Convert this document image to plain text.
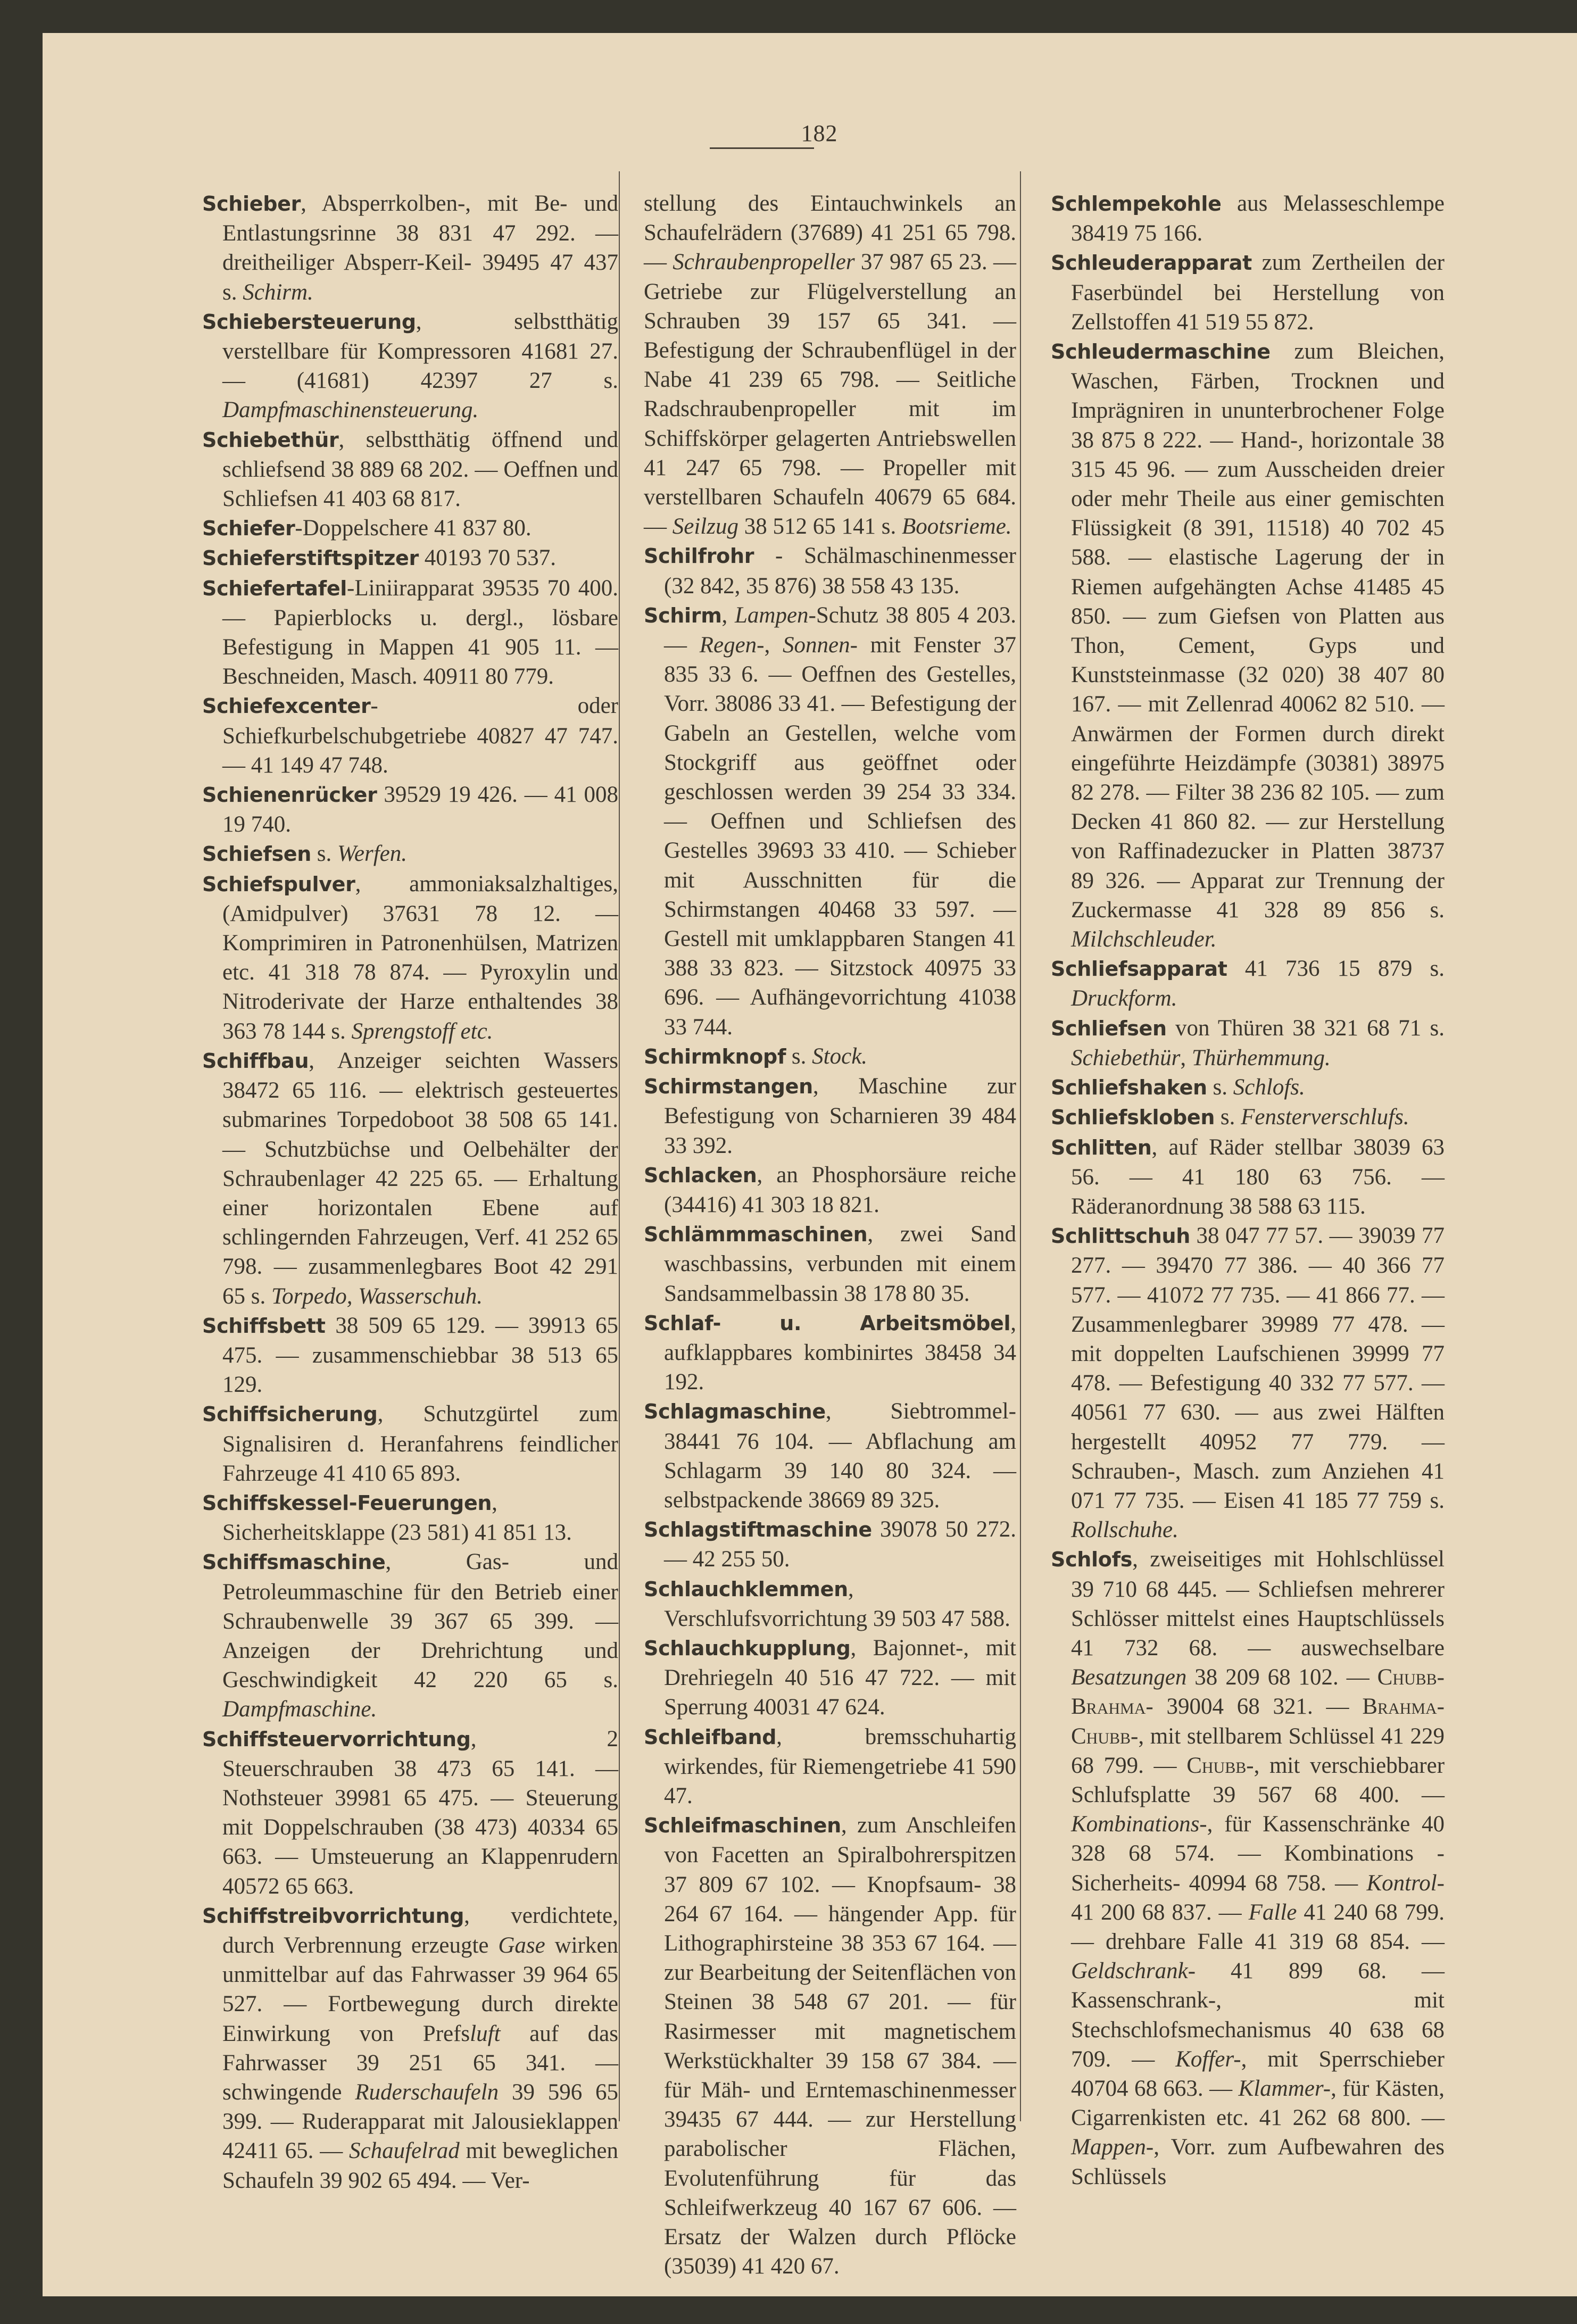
182

Schieber, Absperrkolben-, mit Be- und Entlastungsrinne 38 831 47 292. — dreitheiliger Absperr-Keil- 39495 47 437 s. Schirm.

Schiebersteuerung, selbstthätig verstellbare für Kompressoren 41681 27. — (41681) 42397 27 s. Dampfmaschinensteuerung.

Schiebethür, selbstthätig öffnend und schliefsend 38 889 68 202. — Oeffnen und Schliefsen 41 403 68 817.

Schiefer-Doppelschere 41 837 80.

Schieferstiftspitzer 40193 70 537.

Schiefertafel-Liniirapparat 39535 70 400. — Papierblocks u. dergl., lösbare Befestigung in Mappen 41 905 11. — Beschneiden, Masch. 40911 80 779.

Schiefexcenter- oder Schiefkurbelschubgetriebe 40827 47 747. — 41 149 47 748.

Schienenrücker 39529 19 426. — 41 008 19 740.

Schiefsen s. Werfen.

Schiefspulver, ammoniaksalzhaltiges, (Amidpulver) 37631 78 12. — Komprimiren in Patronenhülsen, Matrizen etc. 41 318 78 874. — Pyroxylin und Nitroderivate der Harze enthaltendes 38 363 78 144 s. Sprengstoff etc.

Schiffbau, Anzeiger seichten Wassers 38472 65 116. — elektrisch gesteuertes submarines Torpedoboot 38 508 65 141. — Schutzbüchse und Oelbehälter der Schraubenlager 42 225 65. — Erhaltung einer horizontalen Ebene auf schlingernden Fahrzeugen, Verf. 41 252 65 798. — zusammenlegbares Boot 42 291 65 s. Torpedo, Wasserschuh.

Schiffsbett 38 509 65 129. — 39913 65 475. — zusammenschiebbar 38 513 65 129.

Schiffsicherung, Schutzgürtel zum Signalisiren d. Heranfahrens feindlicher Fahrzeuge 41 410 65 893.

Schiffskessel-Feuerungen, Sicherheitsklappe (23 581) 41 851 13.

Schiffsmaschine, Gas- und Petroleummaschine für den Betrieb einer Schraubenwelle 39 367 65 399. — Anzeigen der Drehrichtung und Geschwindigkeit 42 220 65 s. Dampfmaschine.

Schiffsteuervorrichtung, 2 Steuerschrauben 38 473 65 141. — Nothsteuer 39981 65 475. — Steuerung mit Doppelschrauben (38 473) 40334 65 663. — Umsteuerung an Klappenrudern 40572 65 663.

Schiffstreibvorrichtung, verdichtete, durch Verbrennung erzeugte Gase wirken unmittelbar auf das Fahrwasser 39 964 65 527. — Fortbewegung durch direkte Einwirkung von Prefsluft auf das Fahrwasser 39 251 65 341. — schwingende Ruderschaufeln 39 596 65 399. — Ruderapparat mit Jalousieklappen 42411 65. — Schaufelrad mit beweglichen Schaufeln 39 902 65 494. — Ver-

stellung des Eintauchwinkels an Schaufelrädern (37689) 41 251 65 798. — Schraubenpropeller 37 987 65 23. — Getriebe zur Flügelverstellung an Schrauben 39 157 65 341. — Befestigung der Schraubenflügel in der Nabe 41 239 65 798. — Seitliche Radschraubenpropeller mit im Schiffskörper gelagerten Antriebswellen 41 247 65 798. — Propeller mit verstellbaren Schaufeln 40679 65 684. — Seilzug 38 512 65 141 s. Bootsrieme.

Schilfrohr - Schälmaschinenmesser (32 842, 35 876) 38 558 43 135.

Schirm, Lampen-Schutz 38 805 4 203. — Regen-, Sonnen- mit Fenster 37 835 33 6. — Oeffnen des Gestelles, Vorr. 38086 33 41. — Befestigung der Gabeln an Gestellen, welche vom Stockgriff aus geöffnet oder geschlossen werden 39 254 33 334. — Oeffnen und Schliefsen des Gestelles 39693 33 410. — Schieber mit Ausschnitten für die Schirmstangen 40468 33 597. — Gestell mit umklappbaren Stangen 41 388 33 823. — Sitzstock 40975 33 696. — Aufhängevorrichtung 41038 33 744.

Schirmknopf s. Stock.

Schirmstangen, Maschine zur Befestigung von Scharnieren 39 484 33 392.

Schlacken, an Phosphorsäure reiche (34416) 41 303 18 821.

Schlämmmaschinen, zwei Sand waschbassins, verbunden mit einem Sandsammelbassin 38 178 80 35.

Schlaf- u. Arbeitsmöbel, aufklappbares kombinirtes 38458 34 192.

Schlagmaschine, Siebtrommel- 38441 76 104. — Abflachung am Schlagarm 39 140 80 324. — selbstpackende 38669 89 325.

Schlagstiftmaschine 39078 50 272. — 42 255 50.

Schlauchklemmen, Verschlufsvorrichtung 39 503 47 588.

Schlauchkupplung, Bajonnet-, mit Drehriegeln 40 516 47 722. — mit Sperrung 40031 47 624.

Schleifband, bremsschuhartig wirkendes, für Riemengetriebe 41 590 47.

Schleifmaschinen, zum Anschleifen von Facetten an Spiralbohrerspitzen 37 809 67 102. — Knopfsaum- 38 264 67 164. — hängender App. für Lithographirsteine 38 353 67 164. — zur Bearbeitung der Seitenflächen von Steinen 38 548 67 201. — für Rasirmesser mit magnetischem Werkstückhalter 39 158 67 384. — für Mäh- und Erntemaschinenmesser 39435 67 444. — zur Herstellung parabolischer Flächen, Evolutenführung für das Schleifwerkzeug 40 167 67 606. — Ersatz der Walzen durch Pflöcke (35039) 41 420 67.

Schlempekohle aus Melasseschlempe 38419 75 166.

Schleuderapparat zum Zertheilen der Faserbündel bei Herstellung von Zellstoffen 41 519 55 872.

Schleudermaschine zum Bleichen, Waschen, Färben, Trocknen und Imprägniren in ununterbrochener Folge 38 875 8 222. — Hand-, horizontale 38 315 45 96. — zum Ausscheiden dreier oder mehr Theile aus einer gemischten Flüssigkeit (8 391, 11518) 40 702 45 588. — elastische Lagerung der in Riemen aufgehängten Achse 41485 45 850. — zum Giefsen von Platten aus Thon, Cement, Gyps und Kunststeinmasse (32 020) 38 407 80 167. — mit Zellenrad 40062 82 510. — Anwärmen der Formen durch direkt eingeführte Heizdämpfe (30381) 38975 82 278. — Filter 38 236 82 105. — zum Decken 41 860 82. — zur Herstellung von Raffinadezucker in Platten 38737 89 326. — Apparat zur Trennung der Zuckermasse 41 328 89 856 s. Milchschleuder.

Schliefsapparat 41 736 15 879 s. Druckform.

Schliefsen von Thüren 38 321 68 71 s. Schiebethür, Thürhemmung.

Schliefshaken s. Schlofs.

Schliefskloben s. Fensterverschlufs.

Schlitten, auf Räder stellbar 38039 63 56. — 41 180 63 756. — Räderanordnung 38 588 63 115.

Schlittschuh 38 047 77 57. — 39039 77 277. — 39470 77 386. — 40 366 77 577. — 41072 77 735. — 41 866 77. — Zusammenlegbarer 39989 77 478. — mit doppelten Laufschienen 39999 77 478. — Befestigung 40 332 77 577. — 40561 77 630. — aus zwei Hälften hergestellt 40952 77 779. — Schrauben-, Masch. zum Anziehen 41 071 77 735. — Eisen 41 185 77 759 s. Rollschuhe.

Schlofs, zweiseitiges mit Hohlschlüssel 39 710 68 445. — Schliefsen mehrerer Schlösser mittelst eines Hauptschlüssels 41 732 68. — auswechselbare Besatzungen 38 209 68 102. — Chubb-Brahma- 39004 68 321. — Brahma-Chubb-, mit stellbarem Schlüssel 41 229 68 799. — Chubb-, mit verschiebbarer Schlufsplatte 39 567 68 400. — Kombinations-, für Kassenschränke 40 328 68 574. — Kombinations - Sicherheits- 40994 68 758. — Kontrol- 41 200 68 837. — Falle 41 240 68 799. — drehbare Falle 41 319 68 854. — Geldschrank- 41 899 68. — Kassenschrank-, mit Stechschlofsmechanismus 40 638 68 709. — Koffer-, mit Sperrschieber 40704 68 663. — Klammer-, für Kästen, Cigarrenkisten etc. 41 262 68 800. — Mappen-, Vorr. zum Aufbewahren des Schlüssels
